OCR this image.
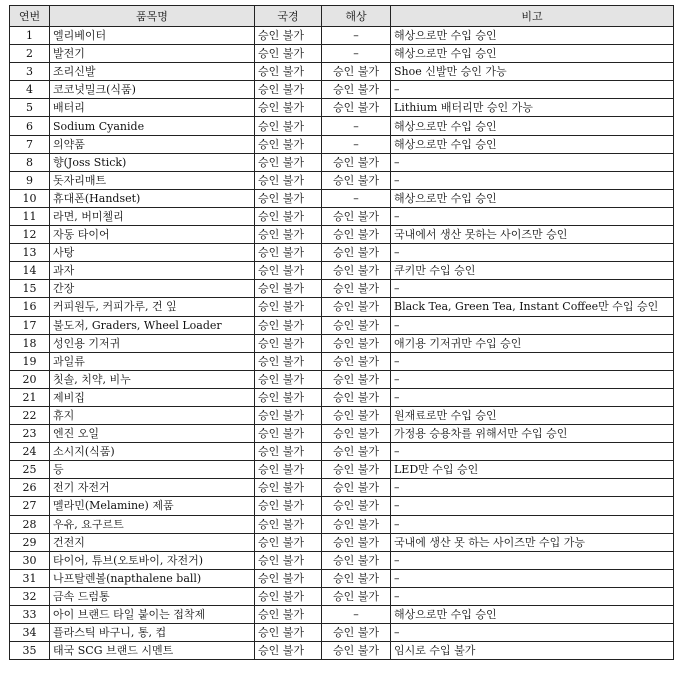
연번	품목명	국경	해상	비고
1	엘리베이터	승인 불가	–	해상으로만 수입 승인
2	발전기	승인 불가	–	해상으로만 수입 승인
3	조리신발	승인 불가	승인 불가	Shoe 신발만 승인 가능
4	코코넛밀크(식품)	승인 불가	승인 불가	–
5	배터리	승인 불가	승인 불가	Lithium 배터리만 승인 가능
6	Sodium Cyanide	승인 불가	–	해상으로만 수입 승인
7	의약품	승인 불가	–	해상으로만 수입 승인
8	향(Joss Stick)	승인 불가	승인 불가	–
9	돗자리매트	승인 불가	승인 불가	–
10	휴대폰(Handset)	승인 불가	–	해상으로만 수입 승인
11	라면, 버미첼리	승인 불가	승인 불가	–
12	자동 타이어	승인 불가	승인 불가	국내에서 생산 못하는 사이즈만 승인
13	사탕	승인 불가	승인 불가	–
14	과자	승인 불가	승인 불가	쿠키만 수입 승인
15	간장	승인 불가	승인 불가	–
16	커피원두, 커피가루, 건 잎	승인 불가	승인 불가	Black Tea, Green Tea, Instant Coffee만 수입 승인
17	불도저, Graders, Wheel Loader	승인 불가	승인 불가	–
18	성인용 기저귀	승인 불가	승인 불가	애기용 기저귀만 수입 승인
19	과일류	승인 불가	승인 불가	–
20	칫솔, 치약, 비누	승인 불가	승인 불가	–
21	제비집	승인 불가	승인 불가	–
22	휴지	승인 불가	승인 불가	원재료로만 수입 승인
23	엔진 오일	승인 불가	승인 불가	가정용 승용차를 위해서만 수입 승인
24	소시지(식품)	승인 불가	승인 불가	–
25	등	승인 불가	승인 불가	LED만 수입 승인
26	전기 자전거	승인 불가	승인 불가	–
27	멜라민(Melamine) 제품	승인 불가	승인 불가	–
28	우유, 요구르트	승인 불가	승인 불가	–
29	건전지	승인 불가	승인 불가	국내에 생산 못 하는 사이즈만 수입 가능
30	타이어, 튜브(오토바이, 자전거)	승인 불가	승인 불가	–
31	나프탈렌볼(napthalene ball)	승인 불가	승인 불가	–
32	금속 드럼통	승인 불가	승인 불가	–
33	아이 브랜드 타일 붙이는 접착제	승인 불가	–	해상으로만 수입 승인
34	플라스틱 바구니, 통, 컵	승인 불가	승인 불가	–
35	태국 SCG 브랜드 시멘트	승인 불가	승인 불가	임시로 수입 불가
